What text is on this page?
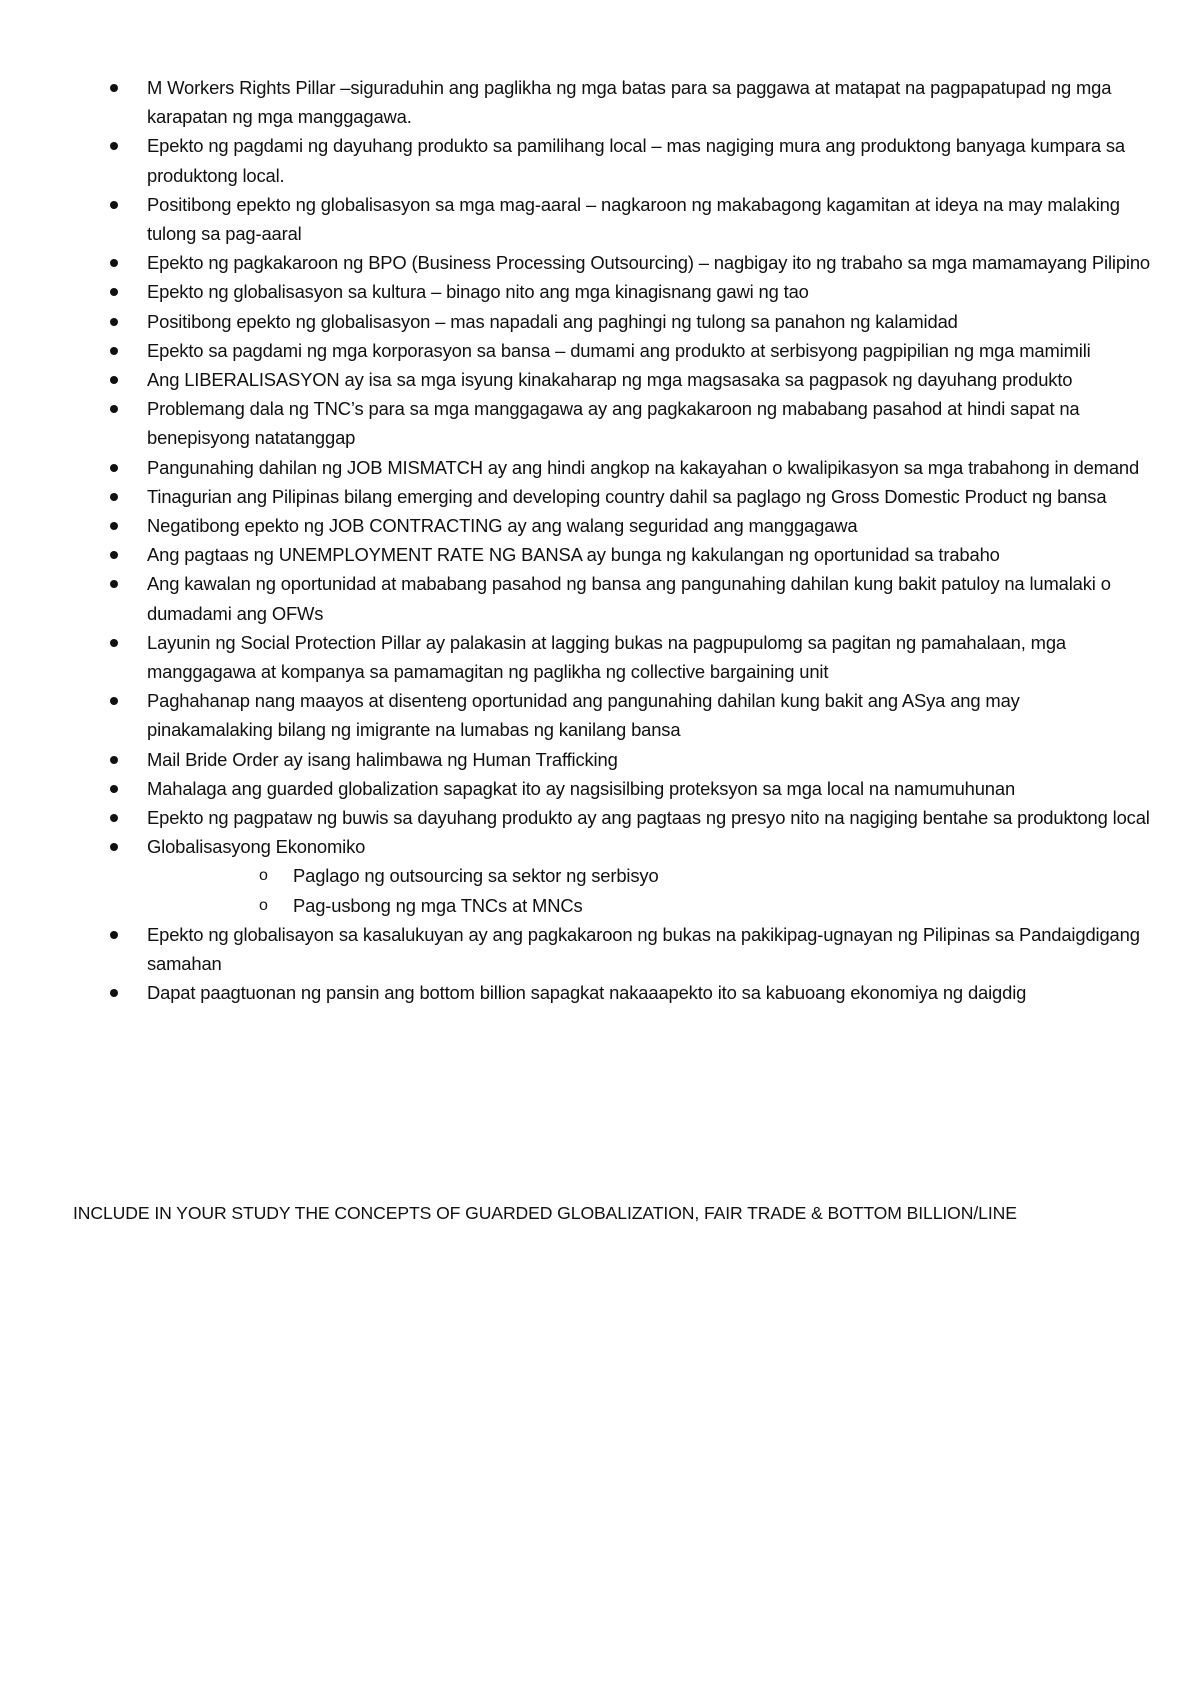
M Workers Rights Pillar –siguraduhin ang paglikha ng mga batas para sa paggawa at matapat na pagpapatupad ng mga karapatan ng mga manggagawa.
Epekto ng pagdami ng dayuhang produkto sa pamilihang local – mas nagiging mura ang produktong banyaga kumpara sa produktong local.
Positibong epekto ng globalisasyon sa mga mag-aaral – nagkaroon ng makabagong kagamitan at ideya na may malaking tulong sa pag-aaral
Epekto ng pagkakaroon ng BPO (Business Processing Outsourcing) – nagbigay ito ng trabaho sa mga mamamayang Pilipino
Epekto ng globalisasyon sa kultura – binago nito ang mga kinagisnang gawi ng tao
Positibong epekto ng globalisasyon – mas napadali ang paghingi ng tulong sa panahon ng kalamidad
Epekto sa pagdami ng mga korporasyon sa bansa – dumami ang produkto at serbisyong pagpipilian ng mga mamimili
Ang LIBERALISASYON ay isa sa mga isyung kinakaharap ng mga magsasaka sa pagpasok ng dayuhang produkto
Problemang dala ng TNC’s para sa mga manggagawa ay ang pagkakaroon ng mababang pasahod at hindi sapat na benepisyong natatanggap
Pangunahing dahilan ng JOB MISMATCH ay ang hindi angkop na kakayahan o kwalipikasyon sa mga trabahong in demand
Tinagurian ang Pilipinas bilang emerging and developing country dahil sa paglago ng Gross Domestic Product ng bansa
Negatibong epekto ng JOB CONTRACTING ay ang walang seguridad ang manggagawa
Ang pagtaas ng UNEMPLOYMENT RATE NG BANSA ay bunga ng kakulangan ng oportunidad sa trabaho
Ang kawalan ng oportunidad at mababang pasahod ng bansa ang pangunahing dahilan kung bakit patuloy na lumalaki o dumadami ang OFWs
Layunin ng Social Protection Pillar ay palakasin at lagging bukas na pagpupulomg sa pagitan ng pamahalaan, mga manggagawa at kompanya sa pamamagitan ng paglikha ng collective bargaining unit
Paghahanap nang maayos at disenteng oportunidad ang pangunahing dahilan kung bakit ang ASya ang may pinakamalaking bilang ng imigrante na lumabas ng kanilang bansa
Mail Bride Order ay isang halimbawa ng Human Trafficking
Mahalaga ang guarded globalization sapagkat ito ay nagsisilbing proteksyon sa mga local na namumuhunan
Epekto ng pagpataw ng buwis sa dayuhang produkto ay ang pagtaas ng presyo nito na nagiging bentahe sa produktong local
Globalisasyong Ekonomiko
o Paglago ng outsourcing sa sektor ng serbisyo
o Pag-usbong ng mga TNCs at MNCs
Epekto ng globalisayon sa kasalukuyan ay ang pagkakaroon ng bukas na pakikipag-ugnayan ng Pilipinas sa Pandaigdigang samahan
Dapat paagtuonan ng pansin ang bottom billion sapagkat nakaaapekto ito sa kabuoang ekonomiya ng daigdig
INCLUDE IN YOUR STUDY THE CONCEPTS OF GUARDED GLOBALIZATION, FAIR TRADE & BOTTOM BILLION/LINE
